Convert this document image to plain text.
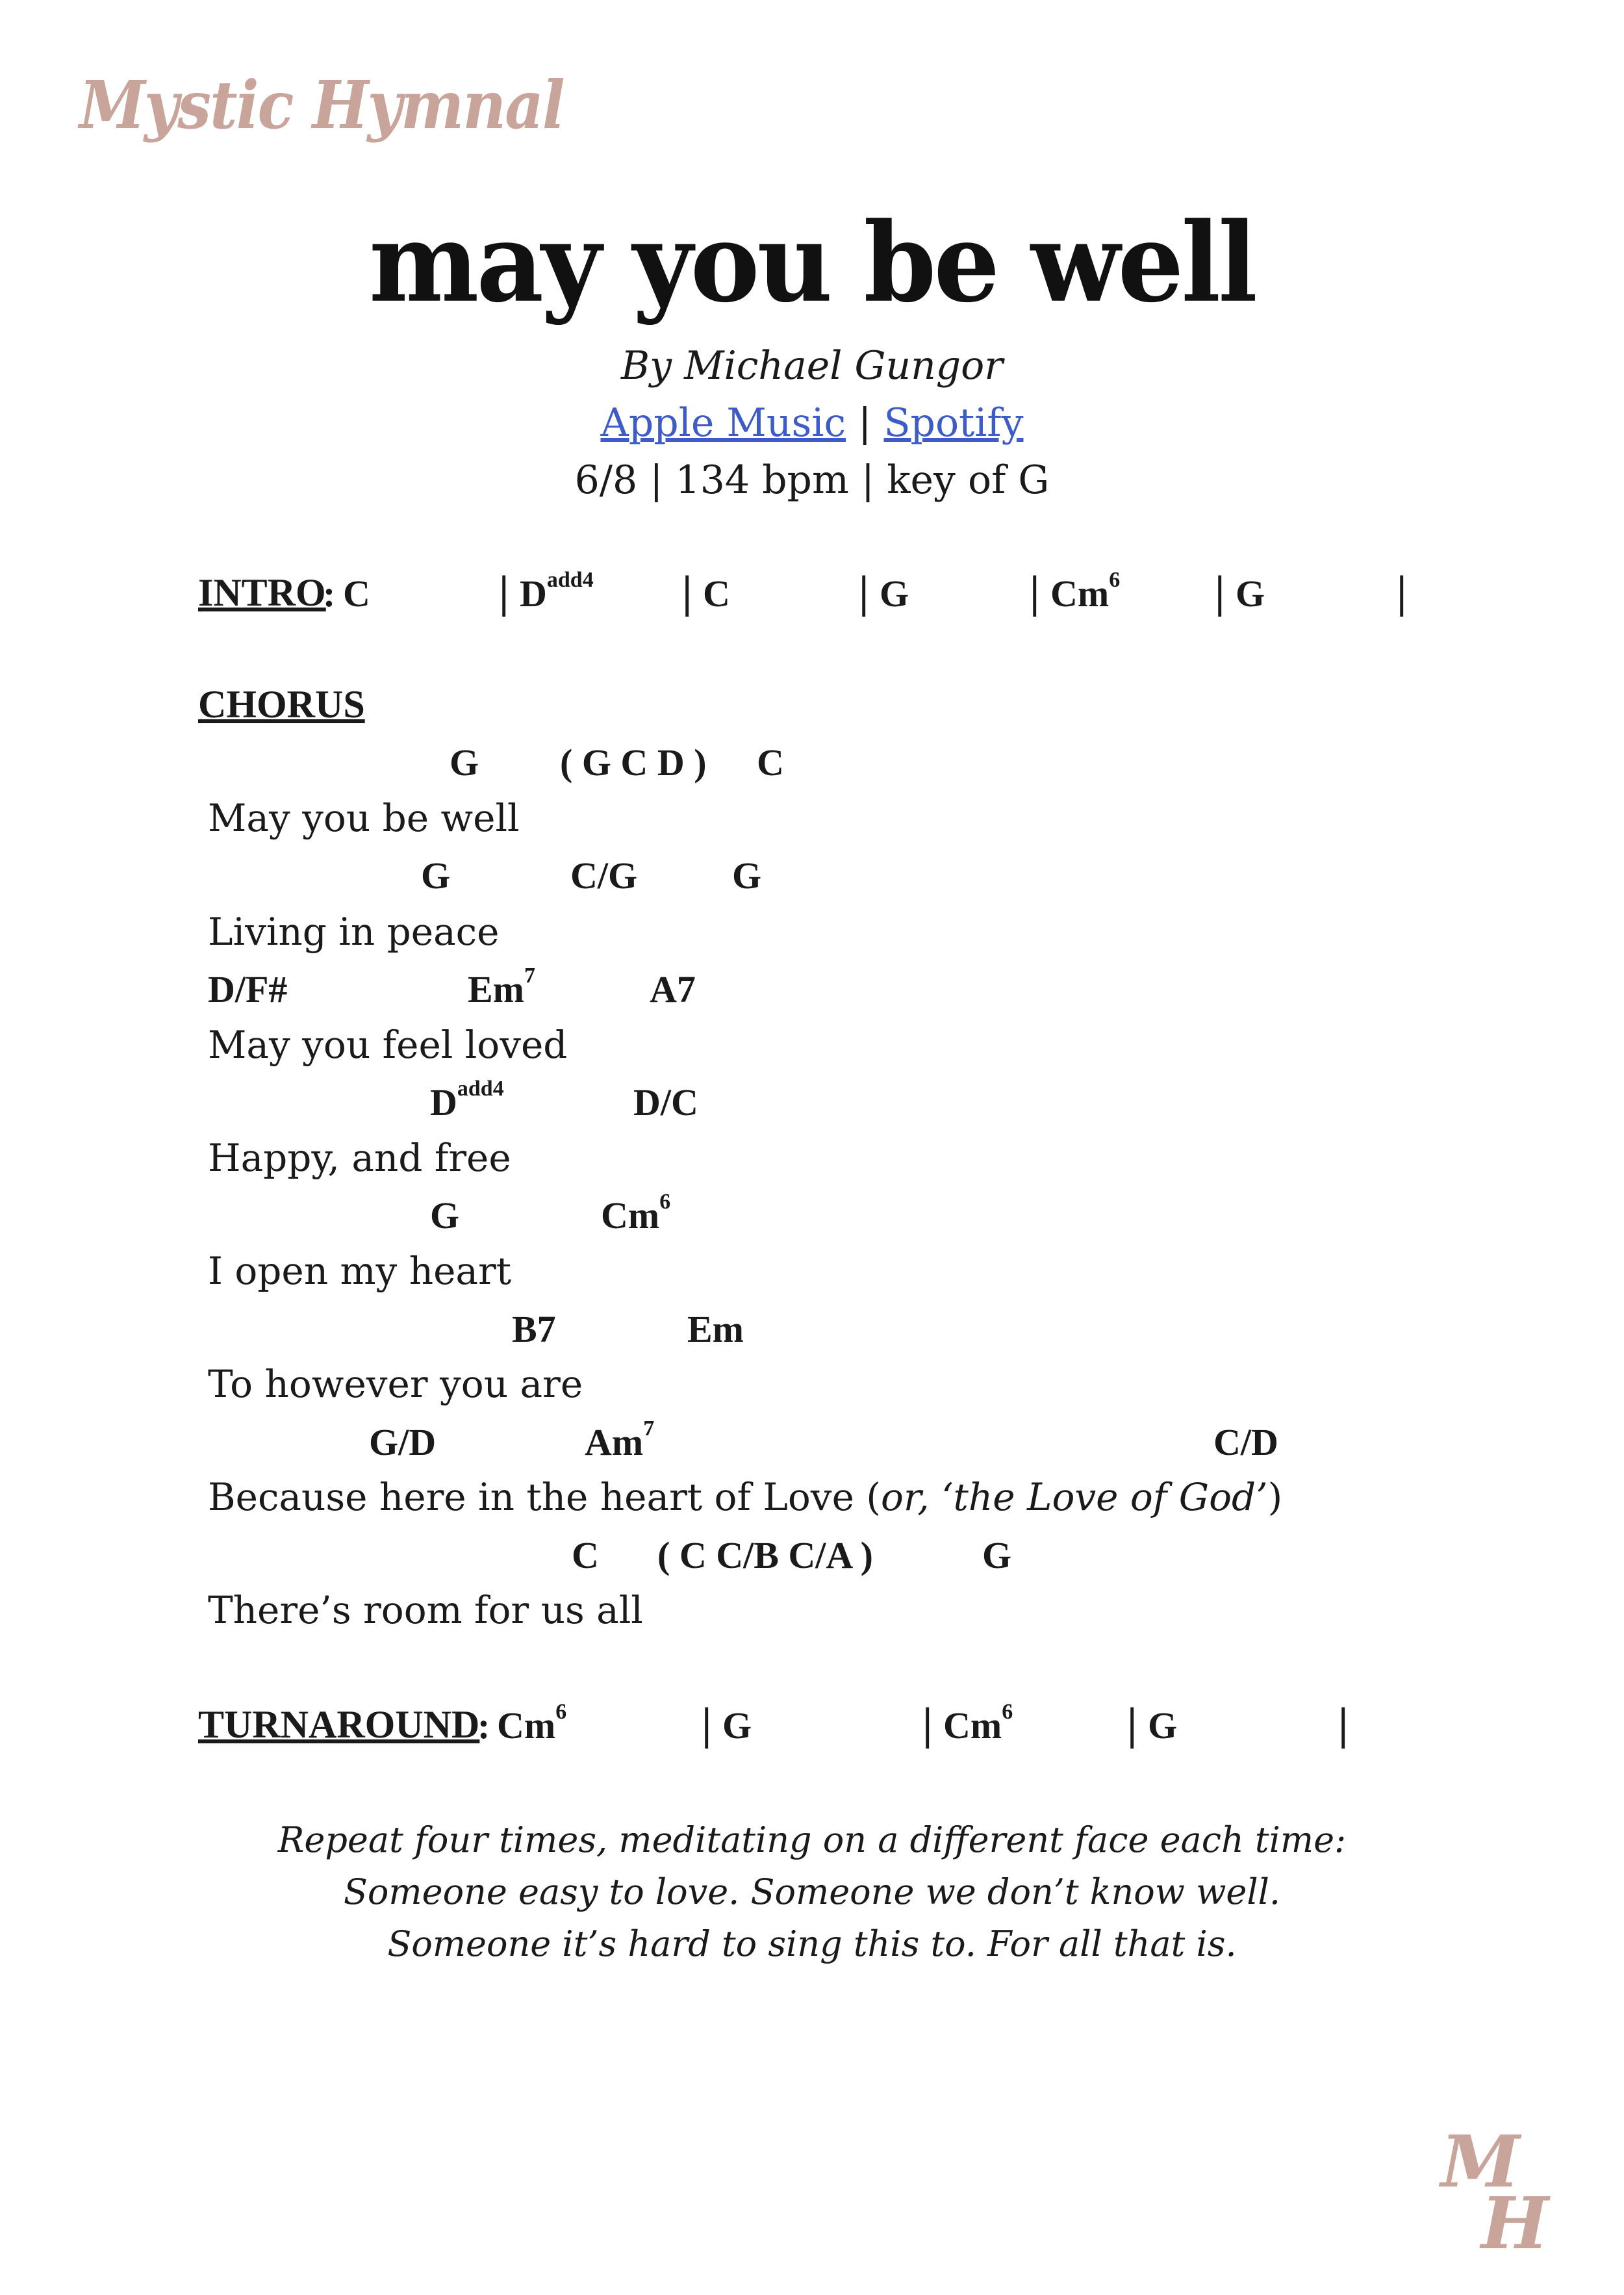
Mystic Hymnal
may you be well
By Michael Gungor
Apple Music | Spotify
6/8 | 134 bpm | key of G
INTRO
: C	| $D^{add4}$ | C	| G	| Cm$^6$ | G	|
CHORUS
G ( G C D ) C
May you be well
G	C/G	G
Living in peace
D/F#	Em$^7$	A7
May you feel loved
$D^{add4}$	D/C
Happy, and free
G	Cm$^6$
I open my heart
B7	Em
To however you are
G/D	Am$^7$	C/D
Because here in the heart of Love (or, ‘the Love of God’)
C ( C C/B C/A )	G
There’s room for us all
TURNAROUND
: Cm$^6$	| G	| Cm$^6$	| G	|
Repeat four times, meditating on a different face each time:
Someone easy to love. Someone we don’t know well.
Someone it’s hard to sing this to. For all that is.
M
H
